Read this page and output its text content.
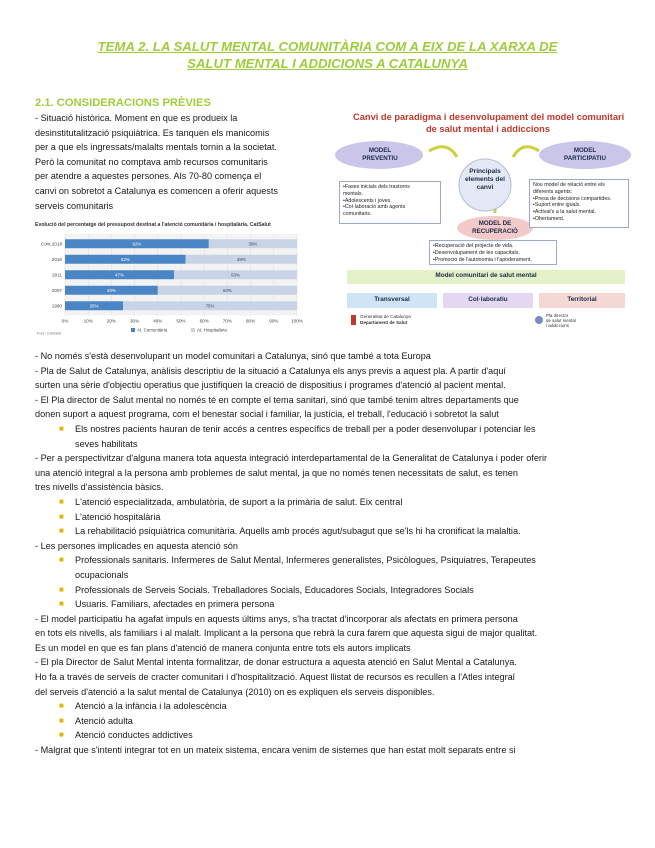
TEMA 2. LA SALUT MENTAL COMUNITÀRIA COM A EIX DE LA XARXA DE
SALUT MENTAL I ADDICIONS A CATALUNYA
2.1. CONSIDERACIONS PRÈVIES
- Situació històrica. Moment en que es produeix la
desinstitutalització psiquiàtrica. Es tanquen els manicomis
per a que els ingressats/malalts mentals tornin a la societat.
Però la comunitat no comptava amb recursos comunitaris
per atendre a aquestes persones. Als 70-80 comença el
canvi on sobretot a Catalunya es comencen a oferir aquests
serveis comunitaris
Evolució del percentatge del pressupost destinat a l'atenció comunitària i hospitalària. CatSalut
0%	10%	20%	30%	40%	50%	60%	70%	80%	90%	100%
Cont.2018	62%	38%
2016	52%	48%
2011	47%	53%
2007	40%	60%
1990	25%	75%
At. Comunitària	At. Hospitalària
Font: CatSalut
Canvi de paradigma i desenvolupament del model comunitari
de salut mental i addiccions
MODEL PREVENTIU
MODEL PARTICIPATIU
MODEL DE RECUPERACIÓ
Principals elements del canvi
•Fases inicials dels trastorns
mentals.
•Adolescents i joves.
•Col·laboració amb agents
comunitaris.
Nou model de relació entre els
diferents agents:
•Presa de decisions compartides.
•Suport entre iguals.
•Activat's a la salut mental.
•Obertament.
•Recuperació del projecte de vida.
•Desenvolupament de les capacitats.
•Promoció de l'autonomia i l'apoderament.
Model comunitari de salut mental
Transversal	Col·laboratiu	Territorial
Generalitat de Catalunya
Departament de Salut
Pla director
de salut mental
i addiccions
- No només s'està desenvolupant un model comunitari a Catalunya, sinó que també a tota Europa
- Pla de Salut de Catalunya, anàlisis descriptiu de la situació a Catalunya els anys previs a aquest pla. A partir d'aquí
surten una sèrie d'objectiu operatius que justifiquen la creació de dispositius i programes d'atenció al pacient mental.
- El Pla director de Salut mental no només té en compte el tema sanitari, sinó que també tenim altres departaments que
donen suport a aquest programa, com el benestar social i familiar, la justícia, el treball, l'educació i sobretot la salut
■ Els nostres pacients hauran de tenir accés a centres específics de treball per a poder desenvolupar i potenciar les
seves habilitats
- Per a perspectivitzar d'alguna manera tota aquesta integració interdepartamental de la Generalitat de Catalunya i poder oferir
una atenció integral a la persona amb problemes de salut mental, ja que no només tenen necessitats de salut, es tenen
tres nivells d'assistència bàsics.
■ L'atenció especialitzada, ambulatòria, de suport a la primària de salut. Eix central
■ L'atenció hospitalària
■ La rehabilitació psiquiàtrica comunitària. Aquells amb procés agut/subagut que se'ls hi ha cronificat la malaltia.
- Les persones implicades en aquesta atenció són
■ Professionals sanitaris. Infermeres de Salut Mental, Infermeres generalistes, Psicòlogues, Psiquiatres, Terapeutes
ocupacionals
■ Professionals de Serveis Socials. Treballadores Socials, Educadores Socials, Integradores Socials
■ Usuaris. Familiars, afectades en primera persona
- El model participatiu ha agafat impuls en aquests últims anys, s'ha tractat d'incorporar als afectats en primera persona
en tots els nivells, als familiars i al malalt. Implicant a la persona que rebrà la cura farem que aquesta sigui de major qualitat.
Es un model en que es fan plans d'atenció de manera conjunta entre tots els autors implicats
- El pla Director de Salut Mental intenta formalitzar, de donar estructura a aquesta atenció en Salut Mental a Catalunya.
Ho fa a través de serveis de cracter comunitari i d'hospitalització. Aquest llistat de recursos es recullen a l'Atles integral
del serveis d'atenció a la salut mental de Catalunya (2010) on es expliquen els serveis disponibles.
■ Atenció a la infància i la adolescència
■ Atenció adulta
■ Atenció conductes addictives
- Malgrat que s'intenti integrar tot en un mateix sistema, encara venim de sistemes que han estat molt separats entre si
